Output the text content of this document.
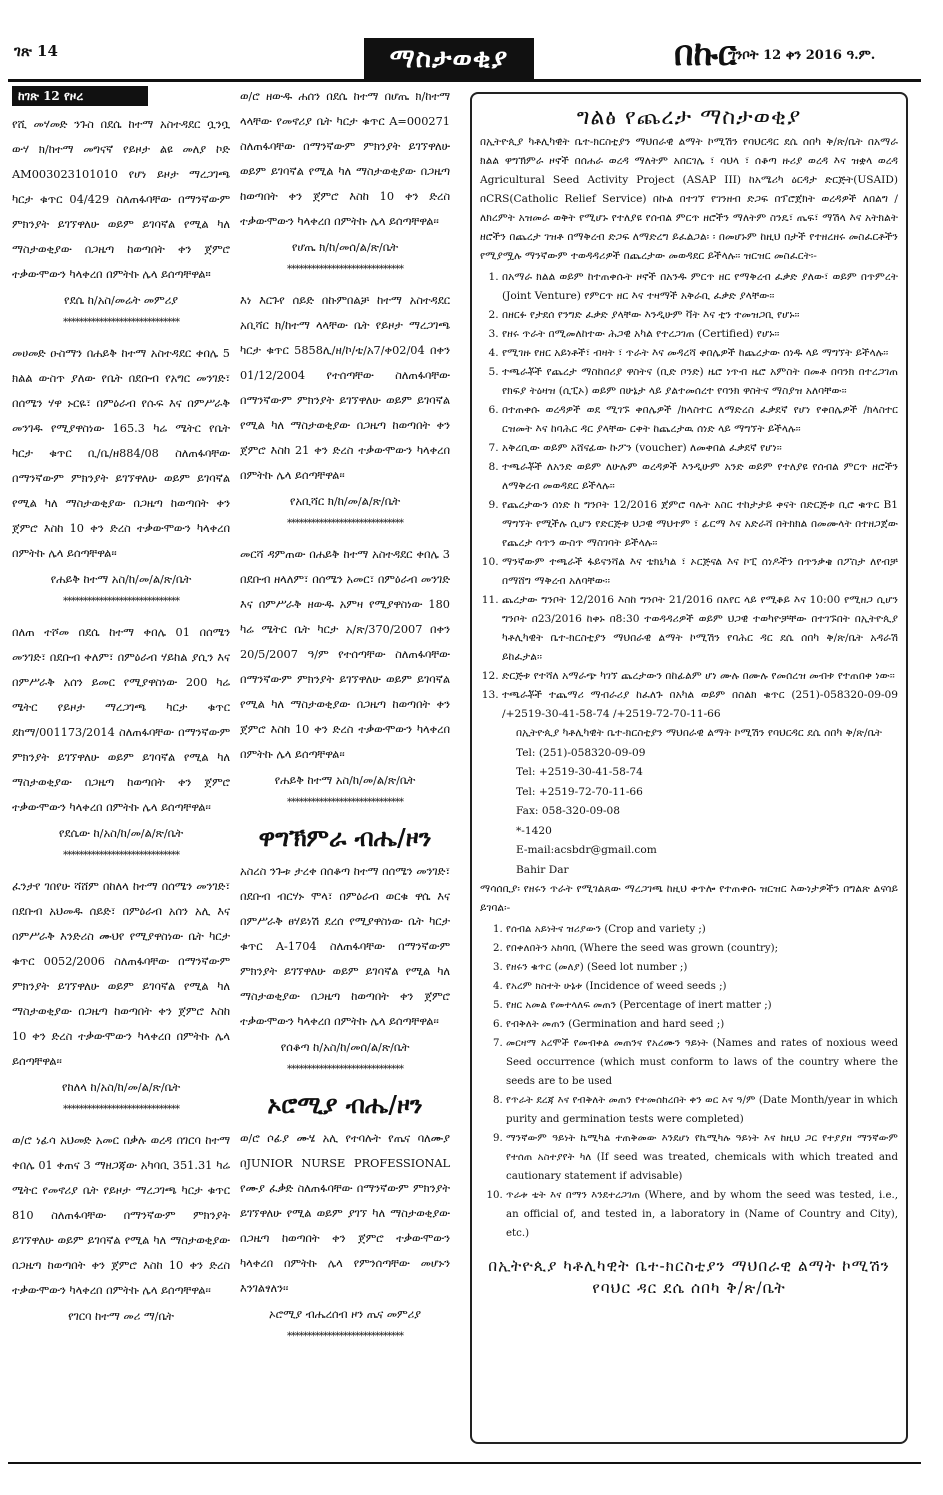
ገጽ 14	ማስታወቂያ	በኩር
ግንቦት 12 ቀን 2016 ዓ.ም.
ከገጽ 12 የዞረ

የሺ መሃመድ ንጉስ በደሴ ከተማ አስተዳደር ቧንቧ ውሃ ክ/ከተማ መግናኛ የይዞታ ልዩ መለያ ኮድ AM003023101010 የሆነ ይዞታ ማረጋገጫ ካርታ ቁጥር 04/429 ስለጠፋባቸው በማንኛውም ምክንያት ይገኘዋለሁ ወይም ይገባኛል የሚል ካለ ማስታወቂያው በጋዜጣ ከወጣበት ቀን ጀምሮ ተቃውሞውን ካላቀረበ በምትኩ ሌላ ይሰጣቸዋል።

የደሴ ከ/አስ/መሬት መምሪያ
*****************************

መሀመድ ዑስማን በሐይቅ ከተማ አስተዳደር ቀበሌ 5 ክልል ውስጥ ያለው የቤት በደቡብ የአግር መንገድ፣ በሰሜን ሃዋ ኑርዬ፣ በምዕራብ የሱፍ እና በምሥራቅ መንገዱ የሚያዋስነው 165.3 ካሬ ሜትር የቤት ካርታ ቁጥር ቢ/ቤ/ዘ884/08 ስለጠፋባቸው በማንኛውም ምክንያት ይገኘዋለሁ ወይም ይገባኛል የሚል ካለ ማስታወቂያው በጋዜጣ ከወጣበት ቀን ጀምሮ እስከ 10 ቀን ድረስ ተቃውሞውን ካላቀረበ በምትኩ ሌላ ይሰጣቸዋል፡፡

የሐይቅ ከተማ አስ/ከ/መ/ል/ጽ/ቤት
*****************************

በለጠ ተሾመ በደሴ ከተማ ቀበሌ 01 በሰሜን መንገድ፣ በደቡብ ቀለም፣ በምዕራብ ሃይከል ያሲን እና በምሥራቅ አሰን ይመር የሚያዋስነው 200 ካሬ ሜትር የይዞታ ማረጋገጫ ካርታ ቁጥር ደከማ/001173/2014 ስለጠፋባቸው በማንኛውም ምክንያት ይገኘዋለሁ ወይም ይገባኛል የሚል ካለ ማስታወቂያው በጋዜጣ ከወጣበት ቀን ጀምሮ ተቃውሞውን ካላቀረበ በምትኩ ሌላ ይሰጣቸዋል፡፡

የደሴው ከ/አስ/ከ/መ/ል/ጽ/ቤት
*****************************

ፈንታየ ገበየሁ ሻሸም በከለላ ከተማ በሰሜን መንገድ፣ በደቡብ አህመዱ ሰይድ፣ በምዕራብ አሰን አሊ እና በምሥራቅ እንድሪስ ሙህየ የሚያዋስነው ቤት ካርታ ቁጥር 0052/2006 ስለጠፋባቸው በማንኛውም ምክንያት ይገኘዋለሁ ወይም ይገባኛል የሚል ካለ ማስታወቂያው በጋዜጣ ከወጣበት ቀን ጀምሮ እስከ 10 ቀን ድረስ ተቃውሞውን ካላቀረበ በምትኩ ሌላ ይሰጣቸዋል፡፡

የከለላ ከ/አስ/ከ/መ/ል/ጽ/ቤት
*****************************

ወ/ሮ ነፊሳ አህመድ አመር በቃሉ ወረዳ በገርባ ከተማ ቀበሌ 01 ቀጠና 3 ማዘጋጃው አካባቢ 351.31 ካሬ ሜትር የመኖሪያ ቤት የይዞታ ማረጋገጫ ካርታ ቁጥር 810 ስለጠፋባቸው በማንኛውም ምክንያት ይገኘዋለሁ ወይም ይገባኛል የሚል ካለ ማስታወቂያው በጋዜጣ ከወጣበት ቀን ጀምሮ እስከ 10 ቀን ድረስ ተቃውሞውን ካላቀረበ በምትኩ ሌላ ይሰጣቸዋል፡፡

የገርባ ከተማ መሪ ማ/ቤት

ወ/ሮ ዘውዱ ሐሰን በደሴ ከተማ በሆጤ ክ/ከተማ ላላቸው የመኖሪያ ቤት ካርታ ቁጥር A=000271 ስለጠፋባቸው በማንኛውም ምክንያት ይገኘዋለሁ ወይም ይገባኛል የሚል ካለ ማስታወቂያው በጋዜጣ ከወጣበት ቀን ጀምሮ እስከ 10 ቀን ድረስ ተቃውሞውን ካላቀረበ በምትኩ ሌላ ይሰጣቸዋል፡፡

የሆጤ ክ/ከ/መሰ/ል/ጽ/ቤት
*****************************

እነ እርጉየ ሰይድ በኩምበልቻ ከተማ አስተዳደር አቢሻር ክ/ከተማ ላላቸው ቤት የይዞታ ማረጋገጫ ካርታ ቁጥር 5858ሊ/ዘ/ኮ/ቴ/አ7/ቀ02/04 በቀን 01/12/2004 የተሰጣቸው ስለጠፋባቸው በማንኛውም ምክንያት ይገኘዋለሁ ወይም ይገባኛል የሚል ካለ ማስታወቂያው በጋዜጣ ከወጣበት ቀን ጀምሮ እስከ 21 ቀን ድረስ ተቃውሞውን ካላቀረበ በምትኩ ሌላ ይሰጣቸዋል፡፡

የአቢሻር ክ/ከ/መ/ል/ጽ/ቤት
*****************************

መርሻ ዳምጠው በሐይቅ ከተማ አስተዳደር ቀበሌ 3 በደቡብ ዘላለም፣ በሰሜን አመር፣ በምዕራብ መንገድ እና በምሥራቅ ዘውዱ አምዛ የሚያዋስነው 180 ካሬ ሜትር ቤት ካርታ አ/ጽ/370/2007 በቀን 20/5/2007 ዓ/ም የተሰጣቸው ስለጠፋባቸው በማንኛውም ምክንያት ይገኘዋለሁ ወይም ይገባኛል የሚል ካለ ማስታወቂያው በጋዜጣ ከወጣበት ቀን ጀምሮ እስከ 10 ቀን ድረስ ተቃውሞውን ካላቀረበ በምትኩ ሌላ ይሰጣቸዋል፡፡

የሐይቅ ከተማ አስ/ከ/መ/ል/ጽ/ቤት
*****************************
ዋግኽምራ ብሔ/ዞን

አስረስ ንጉቱ ታረቀ በሰቆጣ ከተማ በሰሜን መንገድ፣ በደቡብ ብርሃኑ ሞላ፣ በምዕራብ ወርቁ ዋሴ እና በምሥራቅ ፀሃይነሽ ደረሰ የሚያዋስነው ቤት ካርታ ቁጥር A-1704 ስለጠፋባቸው በማንኛውም ምክንያት ይገኘዋለሁ ወይም ይገባኛል የሚል ካለ ማስታወቂያው በጋዜጣ ከወጣበት ቀን ጀምሮ ተቃውሞውን ካላቀረበ በምትኩ ሌላ ይሰጣቸዋል፡፡

የሰቆጣ ከ/አስ/ከ/መሰ/ል/ጽ/ቤት
*****************************
ኦሮሚያ ብሔ/ዞን

ወ/ሮ ሶፊያ ሙሄ አሊ የተባሉት የጤና ባለሙያ በJUNIOR NURSE PROFESSIONAL የሙያ ፈቃድ ስለጠፋባቸው በማንኛውም ምክንያት ይገኘዋለሁ የሚል ወይም ያገኘ ካለ ማስታወቂያው በጋዜጣ ከወጣበት ቀን ጀምሮ ተቃውሞውን ካላቀረበ በምትኩ ሌላ የምንሰጣቸው መሆኑን እንገልፃለን፡፡

ኦሮሚያ ብሔረሰብ ዞን ጤና መምሪያ
*****************************
ግልፅ የጨረታ ማስታወቂያ

በኢትዮጲያ ካቶሊካዊት ቤተ-ክርስቲያን ማህበራዊ ልማት ኮሚሽን የባህርዳር ደሴ ሰበካ ቅ/ጽ/ቤት በአማራ ክልል ዋግኽምራ ዞኖች በሰሐራ ወረዳ ማለትም አበርገሌ ፣ ሳህላ ፣ ሰቆጣ ዙሪያ ወረዳ እና ዝቋላ ወረዳ Agricultural Seed Activity Project (ASAP III) ከአሜሪካ ዕርዳታ ድርጅት(USAID) በCRS(Catholic Relief Service) በኩል በተገኘ የገንዘብ ድጋፍ በፕሮጀክት ወረዳዎች ለበልግ /ለክረምት አዝመራ ወቅት የሚሆኑ የተለያዩ የሰብል ምርጥ ዘሮችን ማለትም ስንዴ፣ ጤፍ፣ ማሽላ እና አትክልት ዘሮችን በጨረታ ገዝቶ በማቅረብ ድጋፍ ለማድረግ ይፈልጋል፡ ፡ በመሆኑም ከዚህ በታች የተዘረዘሩ መስፈርቶችን የሚያሟሉ ማንኛውም ተወዳዳሪዎች በጨረታው መወዳደር ይችላሉ፡፡ ዝርዝር መስፈርት፡-

1. በአማራ ክልል ወይም ከተጠቀሱት ዞኖች በአንዱ ምርጥ ዘር የማቅረብ ፈቃድ ያለው፣ ወይም በጥምረት (Joint Venture) የምርጥ ዘር እና ተዛማች አቅራቢ ፈቃድ ያላቸው፡፡
2. በዘርፉ የታደሰ የንግድ ፈቃድ ያላቸው እንዲሁም ቫት እና ቲን ተመዝጋቢ የሆኑ፡፡
3. የዘሩ ጥራት በሚመለከተው ሕጋዊ አካል የተረጋገጠ (Certified) የሆኑ፡፡
4. የሚገዙ የዘር አይነቶች፣ ብዛት ፣ ጥራት እና መዳረሻ ቀበሌዎች ከጨረታው ሰነዱ ላይ ማግኘት ይችላሉ፡፡
5. ተጫራቾች የጨረታ ማስከበሪያ ዋስትና (ቢድ ቦንድ) ዜሮ ነጥብ ዜሮ አምስት በመቶ በባንክ በተረጋገጠ የክፍያ ትዕዛዝ (ሲፒኦ) ወይም በሁኔታ ላይ ያልተመሰረተ የባንክ ዋስትና ማስያዝ አለባቸው፡፡
6. በተጠቀሱ ወረዳዎች ወደ ሚገኙ ቀበሌዎች /ክላስተር ለማድረስ ፈቃደኛ የሆነ የቀበሌዎች /ክላስተር ርዝመት እና ከባሕር ዳር ያላቸው ርቀት ከጨረታዉ ሰነድ ላይ ማግኘት ይችላሉ፡፡
7. አቅረቢው ወይም አሸናፊው ኩፖን (voucher) ለመቀበል ፈቃደኛ የሆነ፡፡
8. ተጫራቾች ለአንድ ወይም ለሁሉም ወረዳዎች እንዲሁም አንድ ወይም የተለያዩ የሰብል ምርጥ ዘሮችን ለማቅረብ መወዳደር ይችላሉ፡፡
9. የጨረታውን ሰነድ ከ ግንቦት 12/2016 ጀምሮ ባሉት አስር ተከታታይ ቀናት በድርጅቱ ቢሮ ቁጥር B1 ማግኘት የሚችሉ ሲሆን የድርጅቱ ህጋዊ ማህተም ፣ ፊርማ እና አድራሻ በትክክል በመሙላት በተዘጋጀው የጨረታ ሳጥን ውስጥ ማስገባት ይችላሉ፡፡
10. ማንኛውም ተጫራች ፋይናንሻል እና ቴክኒካል ፣ ኦርጅናል እና ኮፒ ሰነዶችን በጥንቃቄ በፖስታ ለየብቻ በማሸግ ማቅረብ አለባቸው፡፡
11. ጨረታው ግንቦት 12/2016 እስከ ግንቦት 21/2016 በአየር ላይ የሚቆይ እና 10:00 የሚዘጋ ሲሆን ግንቦት በ23/2016 ከቀኑ በ8:30 ተወዳዳሪዎች ወይም ህጋዊ ተወካዮቻቸው በተገኙበት በኢትዮጲያ ካቶሊካዊት ቤተ-ክርስቲያን ማህበራዊ ልማት ኮሚሽን የባሕር ዳር ደሴ ሰበካ ቅ/ጽ/ቤት አዳራሽ ይከፈታል፡፡
12. ድርጅቱ የተሻለ አማራጭ ካገኘ ጨረታውን በከፊልም ሆነ ሙሉ በሙሉ የመሰረዝ መብቱ የተጠበቀ ነው፡፡
13. ተጫራቾች ተጨማሪ ማብራሪያ ከፈለጉ በአካል ወይም በስልክ ቁጥር (251)-058320-09-09 /+2519-30-41-58-74 /+2519-72-70-11-66
በኢትዮጲያ ካቶሊካዊት ቤተ-ክርስቲያን ማህበራዊ ልማት ኮሚሽን የባህርዳር ደሴ ሰበካ ቅ/ጽ/ቤት
Tel: (251)-058320-09-09
Tel: +2519-30-41-58-74
Tel: +2519-72-70-11-66
Fax: 058-320-09-08
*-1420
E-mail:acsbdr@gmail.com
Bahir Dar

ማሳሰቢያ፡ የዘሩን ጥራት የሚገልጸው ማረጋገጫ ከዚህ ቀጥሎ የተጠቀሱ ዝርዝር እውነታዎችን በግልጽ ልናሳይ ይገባል፡-

1. የሰብል አይነትና ዝሪያውን (Crop and variety ;)
2. የበቀለበትን አከባቢ (Where the seed was grown (country);
3. የዘሩን ቁጥር (መለያ) (Seed lot number ;)
4. የአረም ክስተት ሁኔቱ (Incidence of weed seeds ;)
5. የዘር አመል የመተላለፍ መጠን (Percentage of inert matter ;)
6. የብቅለት መጠን (Germination and hard seed ;)
7. መርዛማ አረሞች የመብቀል መጠንና የአረሙን ዓይነት (Names and rates of noxious weed Seed occurrence (which must conform to laws of the country where the seeds are to be used
8. የጥራት ደረጃ እና የብቅለት መጠን የተመሰከረበት ቀን ወር እና ዓ/ም (Date Month/year in which purity and germination tests were completed)
9. ማንኛውም ዓይነት ኬሚካል ተጠቅመው እንደሆነ የኬሚካሉ ዓይነት እና ከዚህ ጋር የተያያዘ ማንኛውም የተሰጠ አስተያየት ካለ (If seed was treated, chemicals with which treated and cautionary statement if advisable)
10. ጥራቱ ቴት እና በማን እንደተረጋገጠ (Where, and by whom the seed was tested, i.e., an official of, and tested in, a laboratory in (Name of Country and City), etc.)
በኢትዮጲያ ካቶሊካዊት ቤተ-ክርስቲያን ማህበራዊ ልማት ኮሚሽን የባህር ዳር ደሴ ሰበካ ቅ/ጽ/ቤት
